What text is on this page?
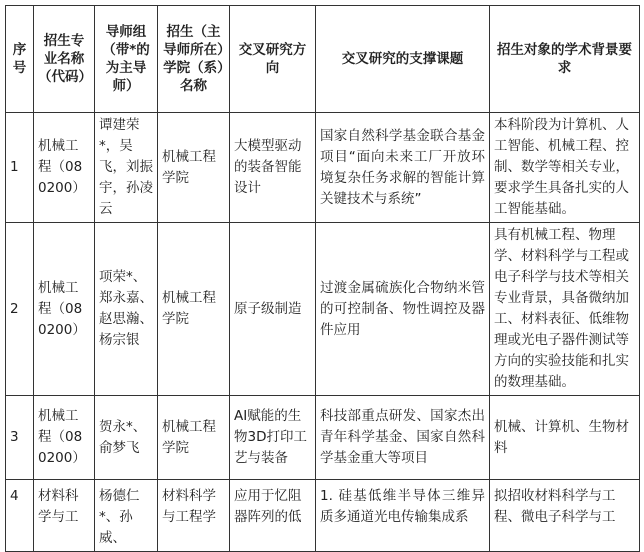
序号	招生专业名称（代码）	导师组（带*的为主导师）	招生（主导师所在）学院（系）名称	交叉研究方向	交叉研究的支撑课题	招生对象的学术背景要求
1	机械工程（080200）	谭建荣*，吴飞，刘振宇，孙凌云	机械工程学院	大模型驱动的装备智能设计	国家自然科学基金联合基金项目“面向未来工厂开放环境复杂任务求解的智能计算关键技术与系统”	本科阶段为计算机、人工智能、机械工程、控制、数学等相关专业，要求学生具备扎实的人工智能基础。
2	机械工程（080200）	项荣*、郑永嘉、赵思瀚、杨宗银	机械工程学院	原子级制造	过渡金属硫族化合物纳米管的可控制备、物性调控及器件应用	具有机械工程、物理学、材料科学与工程或电子科学与技术等相关专业背景，具备微纳加工、材料表征、低维物理或光电子器件测试等方向的实验技能和扎实的数理基础。
3	机械工程（080200）	贺永*、俞梦飞	机械工程学院	AI赋能的生物3D打印工艺与装备	科技部重点研发、国家杰出青年科学基金、国家自然科学基金重大等项目	机械、计算机、生物材料
4	材料科学与工	杨德仁*、孙威、	材料科学与工程学	应用于忆阻器阵列的低	1. 硅基低维半导体三维异质多通道光电传输集成系	拟招收材料科学与工程、微电子科学与工
